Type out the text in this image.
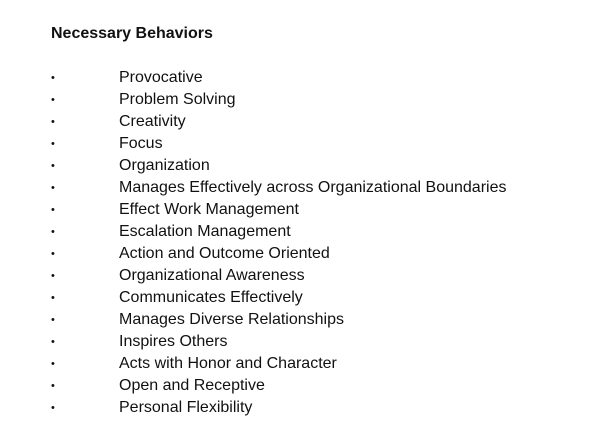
Necessary Behaviors
•	Provocative
•	Problem Solving
•	Creativity
•	Focus
•	Organization
•	Manages Effectively across Organizational Boundaries
•	Effect Work Management
•	Escalation Management
•	Action and Outcome Oriented
•	Organizational Awareness
•	Communicates Effectively
•	Manages Diverse Relationships
•	Inspires Others
•	Acts with Honor and Character
•	Open and Receptive
•	Personal Flexibility
